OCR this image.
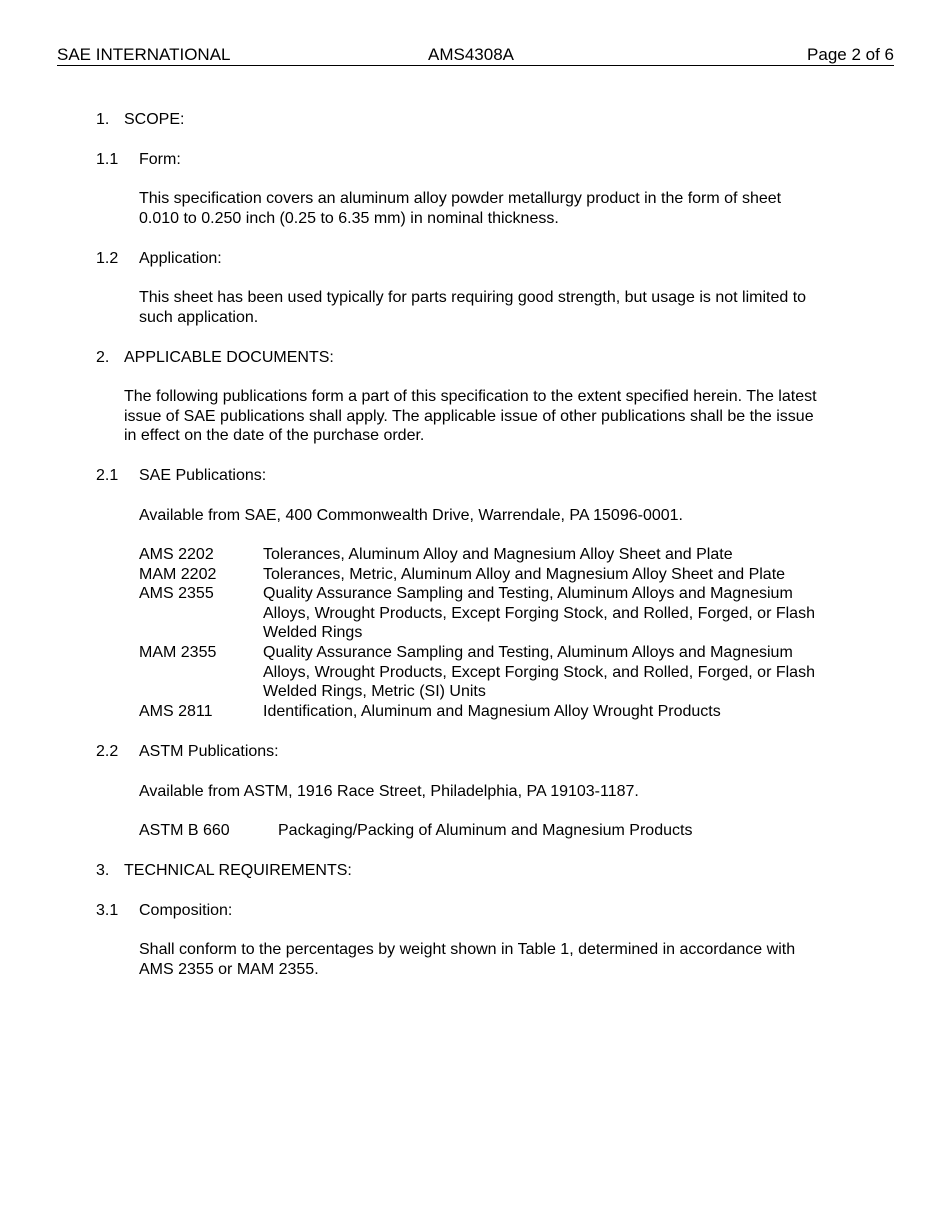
SAE INTERNATIONAL	AMS4308A	Page 2 of 6
1. SCOPE:
1.1 Form:

This specification covers an aluminum alloy powder metallurgy product in the form of sheet

0.010 to 0.250 inch (0.25 to 6.35 mm) in nominal thickness.

1.2 Application:

This sheet has been used typically for parts requiring good strength, but usage is not limited to

such application.

2. APPLICABLE DOCUMENTS:

The following publications form a part of this specification to the extent specified herein. The latest

issue of SAE publications shall apply. The applicable issue of other publications shall be the issue

in effect on the date of the purchase order.

2.1 SAE Publications:
Available from SAE, 400 Commonwealth Drive, Warrendale, PA 15096-0001.
AMS 2202	Tolerances, Aluminum Alloy and Magnesium Alloy Sheet and Plate

MAM 2202	Tolerances, Metric, Aluminum Alloy and Magnesium Alloy Sheet and Plate

AMS 2355	Quality Assurance Sampling and Testing, Aluminum Alloys and Magnesium

Alloys, Wrought Products, Except Forging Stock, and Rolled, Forged, or Flash

Welded Rings

MAM 2355	Quality Assurance Sampling and Testing, Aluminum Alloys and Magnesium

Alloys, Wrought Products, Except Forging Stock, and Rolled, Forged, or Flash

Welded Rings, Metric (SI) Units

AMS 2811	Identification, Aluminum and Magnesium Alloy Wrought Products

2.2 ASTM Publications:
Available from ASTM, 1916 Race Street, Philadelphia, PA 19103-1187.
ASTM B 660	Packaging/Packing of Aluminum and Magnesium Products
3. TECHNICAL REQUIREMENTS:
3.1 Composition:

Shall conform to the percentages by weight shown in Table 1, determined in accordance with

AMS 2355 or MAM 2355.
